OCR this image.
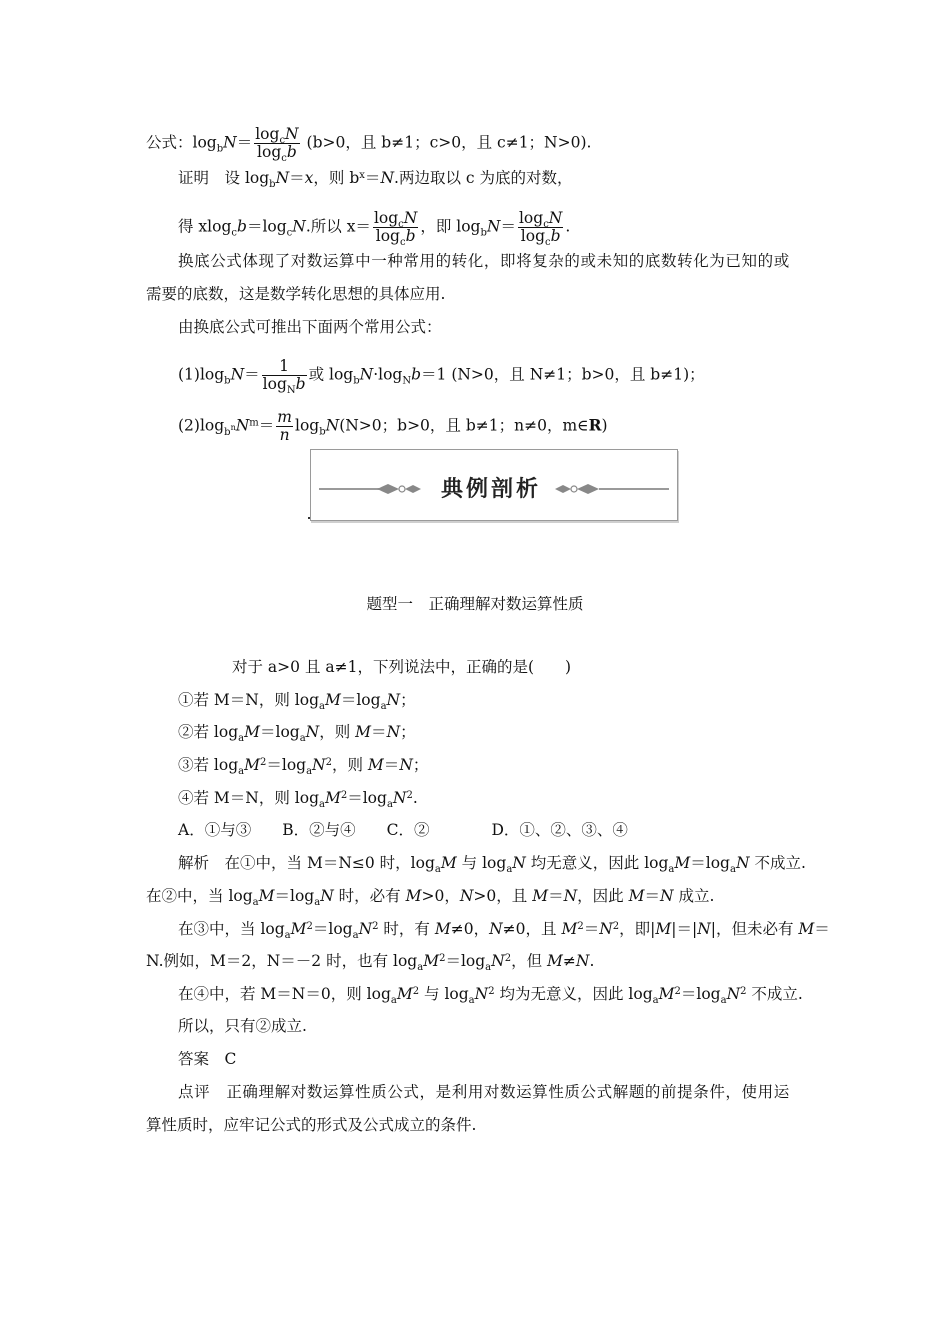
公式：$\log_bN= \frac{\log_cN}{\log_cb} (b>0$，且 b≠1；c>0，且 c≠1；N>0).
证明　 设 $\log_bN=x$，则 $b^x=N$.两边取以 c 为底的对数，
得 $xlog_cb=\log_cN$.所以 $x= \frac{\log_cN}{\log_cb}$ ，即 $\log_bN= \frac{\log_cN}{\log_cb}$ .
换底公式体现了对数运算中一种常用的转化，即将复杂的或未知的底数转化为已知的或
需要的底数，这是数学转化思想的具体应用.
由换底公式可推出下面两个常用公式：
$(1)\log_bN= \frac{1}{\log_Nb}$ 或 $\log_bN\cdot\log_Nb=1$ (N>0，且 N≠1；b>0，且 b≠1)；
$(2)\log_{b^n}N^m= \frac{m}{n} \log_bN(N>0$；b>0，且 b≠1；n≠0，m∈R)
典例剖析
题型一　正确理解对数运算性质
对于 a>0 且 a≠1，下列说法中，正确的是(　　)
①若 M＝N，则 $\log_aM=\log_aN$；
②若 $\log_aM=\log_aN$，则 M＝N；
③若 $\log_aM^2=\log_aN^2$，则 M＝N；
④若 M＝N，则 $\log_aM^2=\log_aN^2$.
A．①与③　　B．②与④　　C．②　　　　D．①、②、③、④
解析　 在①中，当 M＝N≤0 时，$\log_aM$ 与 $\log_aN$ 均无意义，因此 $\log_aM=\log_aN$ 不成立.
在②中，当 $\log_aM=\log_aN$ 时，必有 M>0，N>0，且 M＝N，因此 M＝N 成立.
在③中，当 $\log_aM^2=\log_aN^2$ 时，有 M≠0，N≠0，且 $M^2=N^2$，即|M|＝|N|，但未必有 M＝
N.例如，M＝2，N＝－2 时，也有 $\log_aM^2=\log_aN^2$，但 M≠N.
在④中，若 M＝N＝0，则 $\log_aM^2$ 与 $\log_aN^2$ 均为无意义，因此 $\log_aM^2=\log_aN^2$ 不成立.
所以，只有②成立.
答案　 C
点评　 正确理解对数运算性质公式，是利用对数运算性质公式解题的前提条件，使用运
算性质时，应牢记公式的形式及公式成立的条件.
